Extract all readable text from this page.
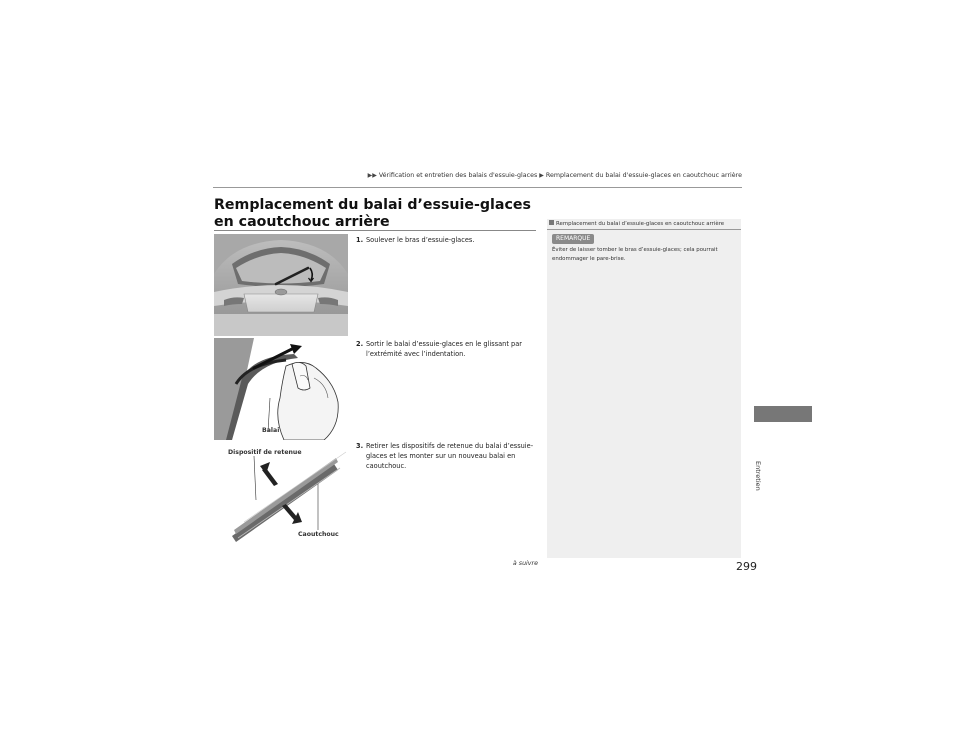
▶▶ Vérification et entretien des balais d'essuie-glaces ▶ Remplacement du balai d'essuie-glaces en caoutchouc arrière
Remplacement du balai d’essuie-glaces en caoutchouc arrière
Balai
Dispositif de retenue
Caoutchouc
1. Soulever le bras d’essuie-glaces.
2. Sortir le balai d’essuie-glaces en le glissant par l’extrémité avec l’indentation.
3. Retirer les dispositifs de retenue du balai d’essuie-glaces et les monter sur un nouveau balai en caoutchouc.
Remplacement du balai d’essuie-glaces en caoutchouc arrière
REMARQUE
Éviter de laisser tomber le bras d’essuie-glaces; cela pourrait endommager le pare-brise.
à suivre	299
Entretien
